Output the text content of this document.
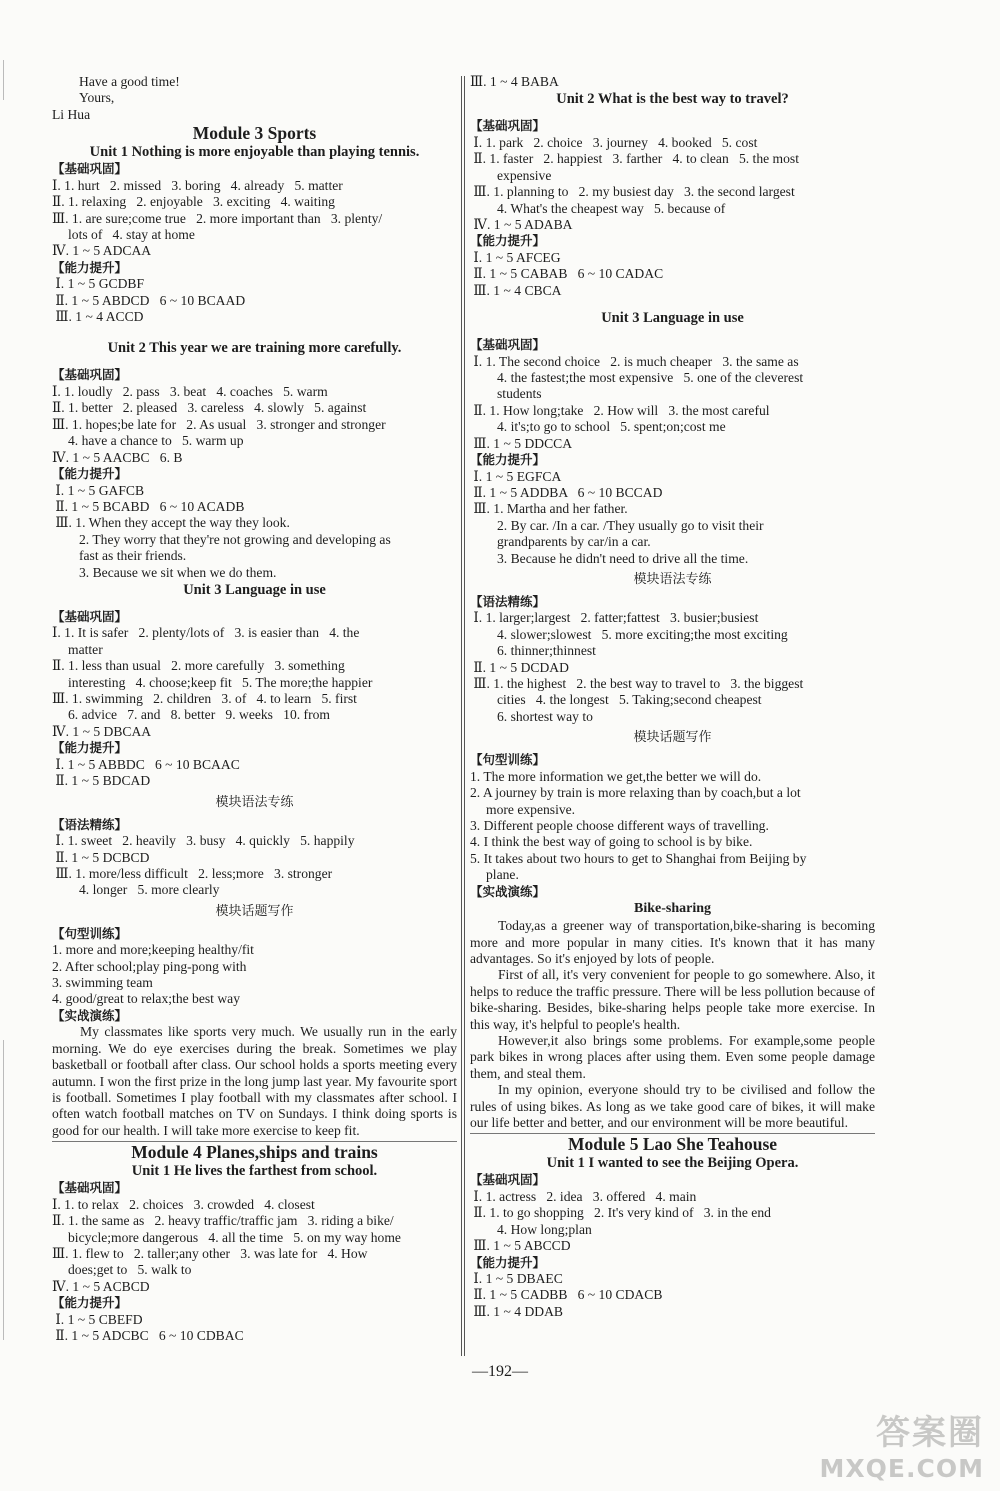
Have a good time!
Yours,
Li Hua
Module 3 Sports
Unit 1 Nothing is more enjoyable than playing tennis.
【基础巩固】
Ⅰ. 1. hurt   2. missed   3. boring   4. already   5. matter
Ⅱ. 1. relaxing   2. enjoyable   3. exciting   4. waiting
Ⅲ. 1. are sure;come true   2. more important than   3. plenty/
lots of   4. stay at home
Ⅳ. 1 ~ 5 ADCAA
【能力提升】
Ⅰ. 1 ~ 5 GCDBF
Ⅱ. 1 ~ 5 ABDCD   6 ~ 10 BCAAD
Ⅲ. 1 ~ 4 ACCD
Unit 2 This year we are training more carefully.
【基础巩固】
Ⅰ. 1. loudly   2. pass   3. beat   4. coaches   5. warm
Ⅱ. 1. better   2. pleased   3. careless   4. slowly   5. against
Ⅲ. 1. hopes;be late for   2. As usual   3. stronger and stronger
4. have a chance to   5. warm up
Ⅳ. 1 ~ 5 AACBC   6. B
【能力提升】
Ⅰ. 1 ~ 5 GAFCB
Ⅱ. 1 ~ 5 BCABD   6 ~ 10 ACADB
Ⅲ. 1. When they accept the way they look.
2. They worry that they're not growing and developing as
fast as their friends.
3. Because we sit when we do them.
Unit 3 Language in use
【基础巩固】
Ⅰ. 1. It is safer   2. plenty/lots of   3. is easier than   4. the
matter
Ⅱ. 1. less than usual   2. more carefully   3. something
interesting   4. choose;keep fit   5. The more;the happier
Ⅲ. 1. swimming   2. children   3. of   4. to learn   5. first
6. advice   7. and   8. better   9. weeks   10. from
Ⅳ. 1 ~ 5 DBCAA
【能力提升】
Ⅰ. 1 ~ 5 ABBDC   6 ~ 10 BCAAC
Ⅱ. 1 ~ 5 BDCAD
模块语法专练
【语法精练】
Ⅰ. 1. sweet   2. heavily   3. busy   4. quickly   5. happily
Ⅱ. 1 ~ 5 DCBCD
Ⅲ. 1. more/less difficult   2. less;more   3. stronger
4. longer   5. more clearly
模块话题写作
【句型训练】
1. more and more;keeping healthy/fit
2. After school;play ping-pong with
3. swimming team
4. good/great to relax;the best way
【实战演练】
My classmates like sports very much. We usually run in the early morning. We do eye exercises during the break. Sometimes we play basketball or football after class. Our school holds a sports meeting every autumn. I won the first prize in the long jump last year. My favourite sport is football. Sometimes I play football with my classmates after school. I often watch football matches on TV on Sundays. I think doing sports is good for our health. I will take more exercise to keep fit.
Module 4 Planes,ships and trains
Unit 1 He lives the farthest from school.
【基础巩固】
Ⅰ. 1. to relax   2. choices   3. crowded   4. closest
Ⅱ. 1. the same as   2. heavy traffic/traffic jam   3. riding a bike/
bicycle;more dangerous   4. all the time   5. on my way home
Ⅲ. 1. flew to   2. taller;any other   3. was late for   4. How
does;get to   5. walk to
Ⅳ. 1 ~ 5 ACBCD
【能力提升】
Ⅰ. 1 ~ 5 CBEFD
Ⅱ. 1 ~ 5 ADCBC   6 ~ 10 CDBAC
Ⅲ. 1 ~ 4 BABA
Unit 2 What is the best way to travel?
【基础巩固】
Ⅰ. 1. park   2. choice   3. journey   4. booked   5. cost
Ⅱ. 1. faster   2. happiest   3. farther   4. to clean   5. the most
expensive
Ⅲ. 1. planning to   2. my busiest day   3. the second largest
4. What's the cheapest way   5. because of
Ⅳ. 1 ~ 5 ADABA
【能力提升】
Ⅰ. 1 ~ 5 AFCEG
Ⅱ. 1 ~ 5 CABAB   6 ~ 10 CADAC
Ⅲ. 1 ~ 4 CBCA
Unit 3 Language in use
【基础巩固】
Ⅰ. 1. The second choice   2. is much cheaper   3. the same as
4. the fastest;the most expensive   5. one of the cleverest
students
Ⅱ. 1. How long;take   2. How will   3. the most careful
4. it's;to go to school   5. spent;on;cost me
Ⅲ. 1 ~ 5 DDCCA
【能力提升】
Ⅰ. 1 ~ 5 EGFCA
Ⅱ. 1 ~ 5 ADDBA   6 ~ 10 BCCAD
Ⅲ. 1. Martha and her father.
2. By car. /In a car. /They usually go to visit their
grandparents by car/in a car.
3. Because he didn't need to drive all the time.
模块语法专练
【语法精练】
Ⅰ. 1. larger;largest   2. fatter;fattest   3. busier;busiest
4. slower;slowest   5. more exciting;the most exciting
6. thinner;thinnest
Ⅱ. 1 ~ 5 DCDAD
Ⅲ. 1. the highest   2. the best way to travel to   3. the biggest
cities   4. the longest   5. Taking;second cheapest
6. shortest way to
模块话题写作
【句型训练】
1. The more information we get,the better we will do.
2. A journey by train is more relaxing than by coach,but a lot
more expensive.
3. Different people choose different ways of travelling.
4. I think the best way of going to school is by bike.
5. It takes about two hours to get to Shanghai from Beijing by
plane.
【实战演练】
Bike-sharing
Today,as a greener way of transportation,bike-sharing is becoming more and more popular in many cities. It's known that it has many advantages. So it's enjoyed by lots of people.
First of all, it's very convenient for people to go somewhere. Also, it helps to reduce the traffic pressure. There will be less pollution because of bike-sharing. Besides, bike-sharing helps people take more exercise. In this way, it's helpful to people's health.
However,it also brings some problems. For example,some people park bikes in wrong places after using them. Even some people damage them, and steal them.
In my opinion, everyone should try to be civilised and follow the rules of using bikes. As long as we take good care of bikes, it will make our life better and better, and our environment will be more beautiful.
Module 5 Lao She Teahouse
Unit 1 I wanted to see the Beijing Opera.
【基础巩固】
Ⅰ. 1. actress   2. idea   3. offered   4. main
Ⅱ. 1. to go shopping   2. It's very kind of   3. in the end
4. How long;plan
Ⅲ. 1 ~ 5 ABCCD
【能力提升】
Ⅰ. 1 ~ 5 DBAEC
Ⅱ. 1 ~ 5 CADBB   6 ~ 10 CDACB
Ⅲ. 1 ~ 4 DDAB
—192—
答案圈
MXQE.COM
